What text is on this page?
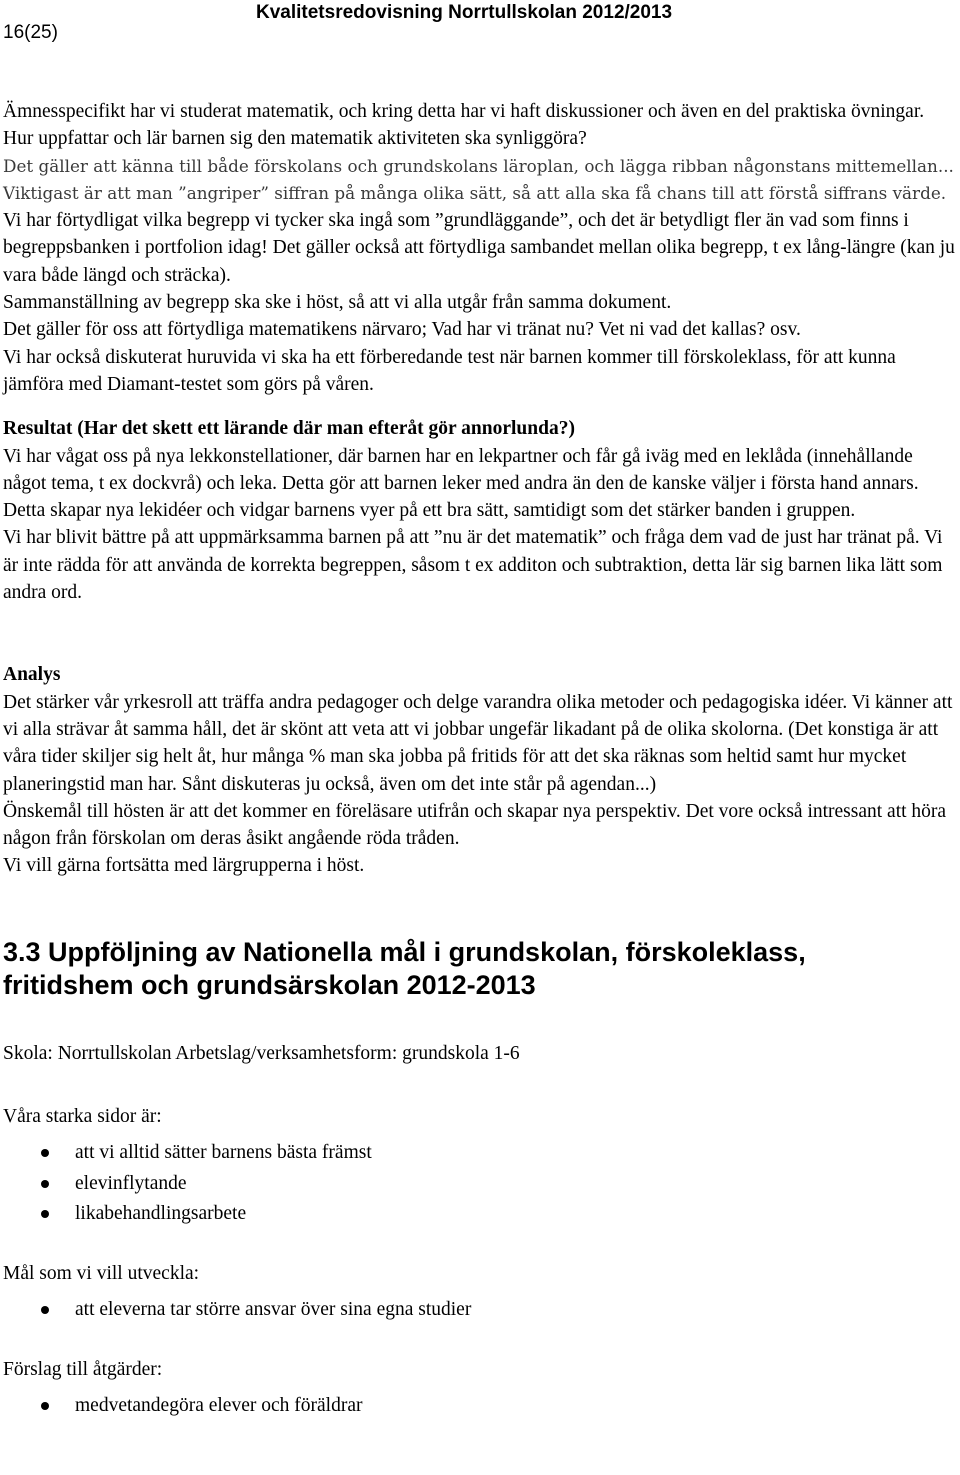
16(25)
Kvalitetsredovisning Norrtullskolan 2012/2013

Ämnesspecifikt har vi studerat matematik, och kring detta har vi haft diskussioner och även en del praktiska övningar. Hur uppfattar och lär barnen sig den matematik aktiviteten ska synliggöra?

Det gäller att känna till både förskolans och grundskolans läroplan, och lägga ribban någonstans mittemellan... Viktigast är att man ”angriper” siffran på många olika sätt, så att alla ska få chans till att förstå siffrans värde.

Vi har förtydligat vilka begrepp vi tycker ska ingå som ”grundläggande”, och det är betydligt fler än vad som finns i begreppsbanken i portfolion idag! Det gäller också att förtydliga sambandet mellan olika begrepp, t ex lång-längre (kan ju vara både längd och sträcka).

Sammanställning av begrepp ska ske i höst, så att vi alla utgår från samma dokument.

Det gäller för oss att förtydliga matematikens närvaro; Vad har vi tränat nu? Vet ni vad det kallas? osv.

Vi har också diskuterat huruvida vi ska ha ett förberedande test när barnen kommer till förskoleklass, för att kunna jämföra med Diamant-testet som görs på våren.

Resultat (Har det skett ett lärande där man efteråt gör annorlunda?)

Vi har vågat oss på nya lekkonstellationer, där barnen har en lekpartner och får gå iväg med en leklåda (innehållande något tema, t ex dockvrå) och leka. Detta gör att barnen leker med andra än den de kanske väljer i första hand annars. Detta skapar nya lekidéer och vidgar barnens vyer på ett bra sätt, samtidigt som det stärker banden i gruppen.

Vi har blivit bättre på att uppmärksamma barnen på att ”nu är det matematik” och fråga dem vad de just har tränat på. Vi är inte rädda för att använda de korrekta begreppen, såsom t ex additon och subtraktion, detta lär sig barnen lika lätt som andra ord.

Analys

Det stärker vår yrkesroll att träffa andra pedagoger och delge varandra olika metoder och pedagogiska idéer. Vi känner att vi alla strävar åt samma håll, det är skönt att veta att vi jobbar ungefär likadant på de olika skolorna. (Det konstiga är att våra tider skiljer sig helt åt, hur många % man ska jobba på fritids för att det ska räknas som heltid samt hur mycket planeringstid man har. Sånt diskuteras ju också, även om det inte står på agendan...)

Önskemål till hösten är att det kommer en föreläsare utifrån och skapar nya perspektiv. Det vore också intressant att höra någon från förskolan om deras åsikt angående röda tråden.

Vi vill gärna fortsätta med lärgrupperna i höst.

3.3 Uppföljning av Nationella mål i grundskolan, förskoleklass,
fritidshem och grundsärskolan 2012-2013

Skola: Norrtullskolan Arbetslag/verksamhetsform: grundskola 1-6

Våra starka sidor är:

att vi alltid sätter barnens bästa främst
elevinflytande
likabehandlingsarbete

Mål som vi vill utveckla:

att eleverna tar större ansvar över sina egna studier

Förslag till åtgärder:

medvetandegöra elever och föräldrar
